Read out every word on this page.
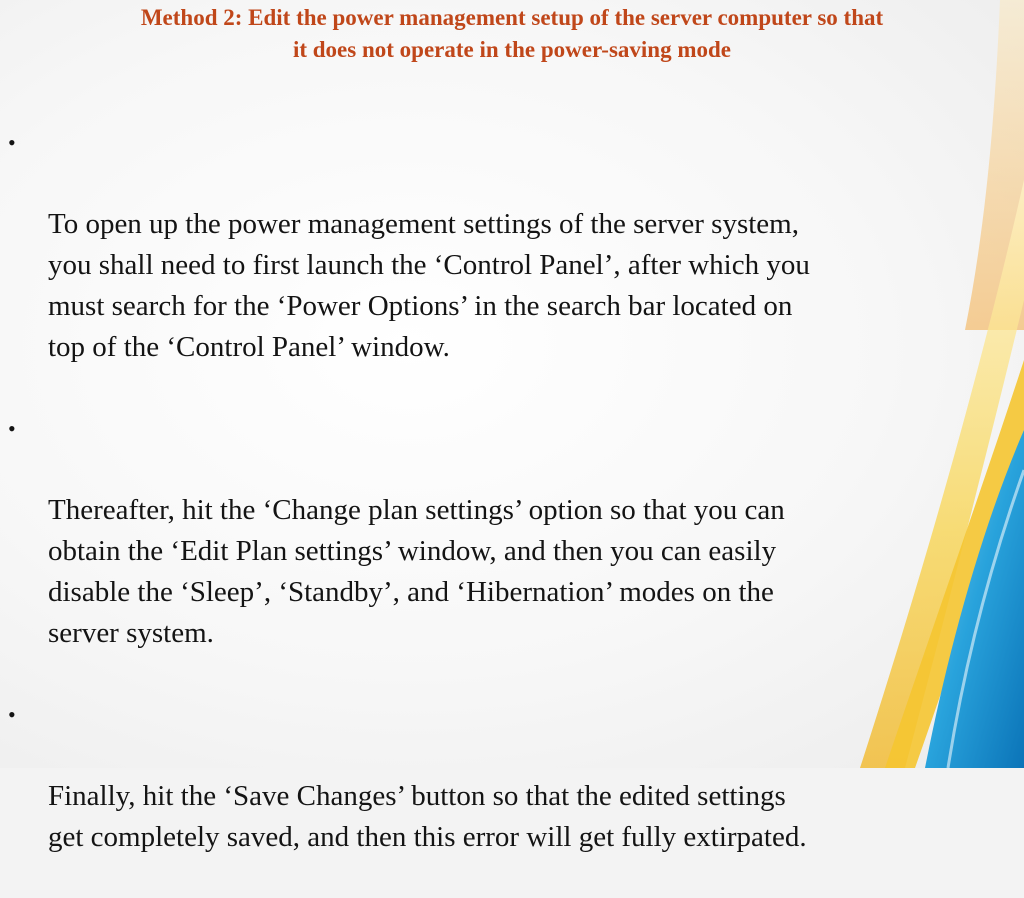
Method 2: Edit the power management setup of the server computer so that
it does not operate in the power-saving mode

•

To open up the power management settings of the server system,
you shall need to first launch the ‘Control Panel’, after which you
must search for the ‘Power Options’ in the search bar located on
top of the ‘Control Panel’ window.

•

Thereafter, hit the ‘Change plan settings’ option so that you can
obtain the ‘Edit Plan settings’ window, and then you can easily
disable the ‘Sleep’, ‘Standby’, and ‘Hibernation’ modes on the
server system.

•

Finally, hit the ‘Save Changes’ button so that the edited settings
get completely saved, and then this error will get fully extirpated.
